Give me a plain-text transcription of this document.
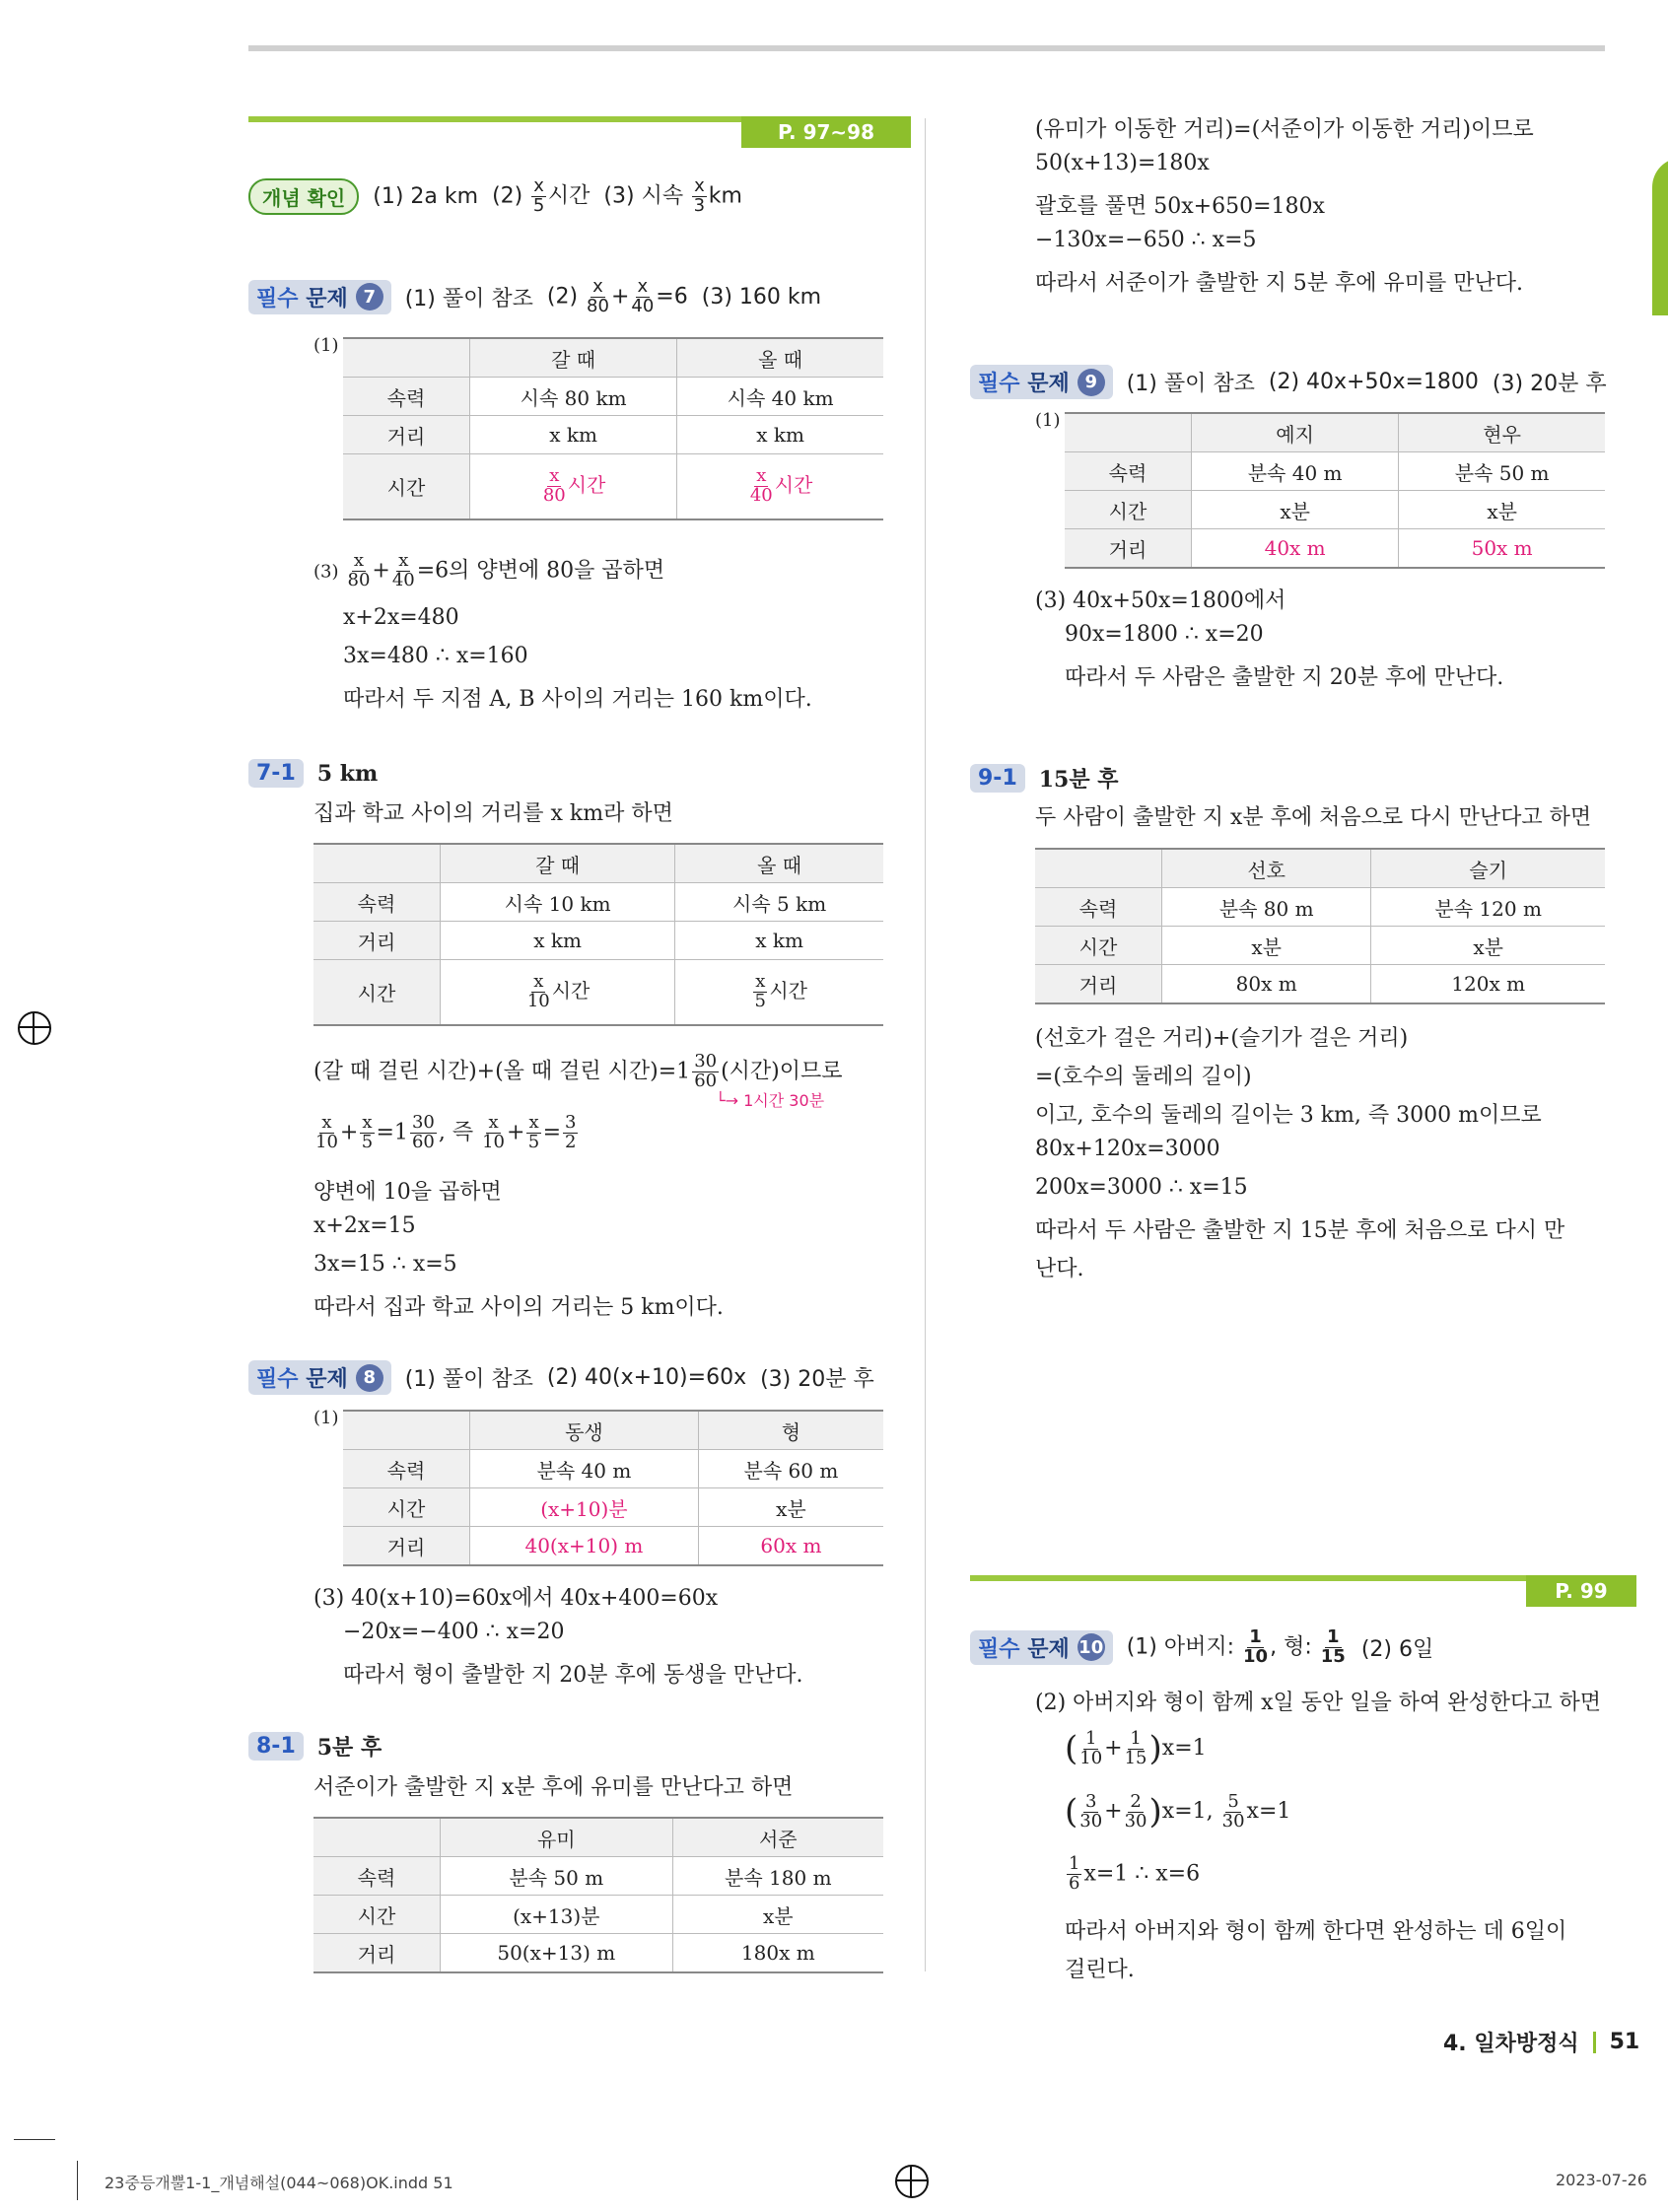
P. 97∼98
개념 확인	(1) 2a km $(2) \frac{x}{5}$ 시간 (3) 시속 $\frac{x}{3}$ km
필수
문제 7	(1) 풀이 참조 $(2) \frac{x}{80} + \frac{x}{40} =6$ (3) 160 km
(1)
	갈 때	올 때
속력	시속 80 km	시속 40 km
거리	x km	x km
시간	$\frac{x}{80}$ 시간	$\frac{x}{40}$ 시간
$(3) \frac{x}{80} + \frac{x}{40} =6$의 양변에 80을 곱하면
x+2x=480
3x=480 ∴ x=160
따라서 두 지점 A, B 사이의 거리는 160 km이다.
7-1	5 km
집과 학교 사이의 거리를 x km라 하면
	갈 때	올 때
속력	시속 10 km	시속 5 km
거리	x km	x km
시간	$\frac{x}{10}$ 시간	$\frac{x}{5}$ 시간
(갈 때 걸린 시간)+(올 때 걸린 시간)$=1 \frac{30}{60}$ (시간)이므로
└→ 1시간 30분
$\frac{x}{10} + \frac{x}{5} =1 \frac{30}{60}$ , 즉 $\frac{x}{10} + \frac{x}{5} = \frac{3}{2}$
양변에 10을 곱하면
x+2x=15
3x=15 ∴ x=5
따라서 집과 학교 사이의 거리는 5 km이다.
필수
문제 8	(1) 풀이 참조 (2) 40(x+10)=60x (3) 20분 후
(1)
	동생	형
속력	분속 40 m	분속 60 m
시간	(x+10)분	x분
거리	40(x+10) m	60x m
(3) 40(x+10)=60x에서 40x+400=60x
−20x=−400 ∴ x=20
따라서 형이 출발한 지 20분 후에 동생을 만난다.
8-1	5분 후
서준이가 출발한 지 x분 후에 유미를 만난다고 하면
	유미	서준
속력	분속 50 m	분속 180 m
시간	(x+13)분	x분
거리	50(x+13) m	180x m
(유미가 이동한 거리)=(서준이가 이동한 거리)이므로
50(x+13)=180x
괄호를 풀면 50x+650=180x
−130x=−650 ∴ x=5
따라서 서준이가 출발한 지 5분 후에 유미를 만난다.
필수
문제 9	(1) 풀이 참조 (2) 40x+50x=1800 (3) 20분 후
(1)
	예지	현우
속력	분속 40 m	분속 50 m
시간	x분	x분
거리	40x m	50x m
(3) 40x+50x=1800에서
90x=1800 ∴ x=20
따라서 두 사람은 출발한 지 20분 후에 만난다.
9-1	15분 후
두 사람이 출발한 지 x분 후에 처음으로 다시 만난다고 하면
	선호	슬기
속력	분속 80 m	분속 120 m
시간	x분	x분
거리	80x m	120x m
(선호가 걸은 거리)+(슬기가 걸은 거리)
=(호수의 둘레의 길이)
이고, 호수의 둘레의 길이는 3 km, 즉 3000 m이므로
80x+120x=3000
200x=3000 ∴ x=15
따라서 두 사람은 출발한 지 15분 후에 처음으로 다시 만
난다.
P. 99
필수
문제 10 (1) 아버지: $\frac{1}{10}$ , 형: $\frac{1}{15} (2)$ 6일
(2) 아버지와 형이 함께 x일 동안 일을 하여 완성한다고 하면
( $\frac{1}{10} + \frac{1}{15} )x=1$
( $\frac{3}{30} + \frac{2}{30} )x=1$, $\frac{5}{30} x=1$
$\frac{1}{6} x=1$ ∴ x=6
따라서 아버지와 형이 함께 한다면 완성하는 데 6일이
걸린다.
4. 일차방정식 51
23중등개뿔1-1_개념해설(044~068)OK.indd 51	2023-07-26
